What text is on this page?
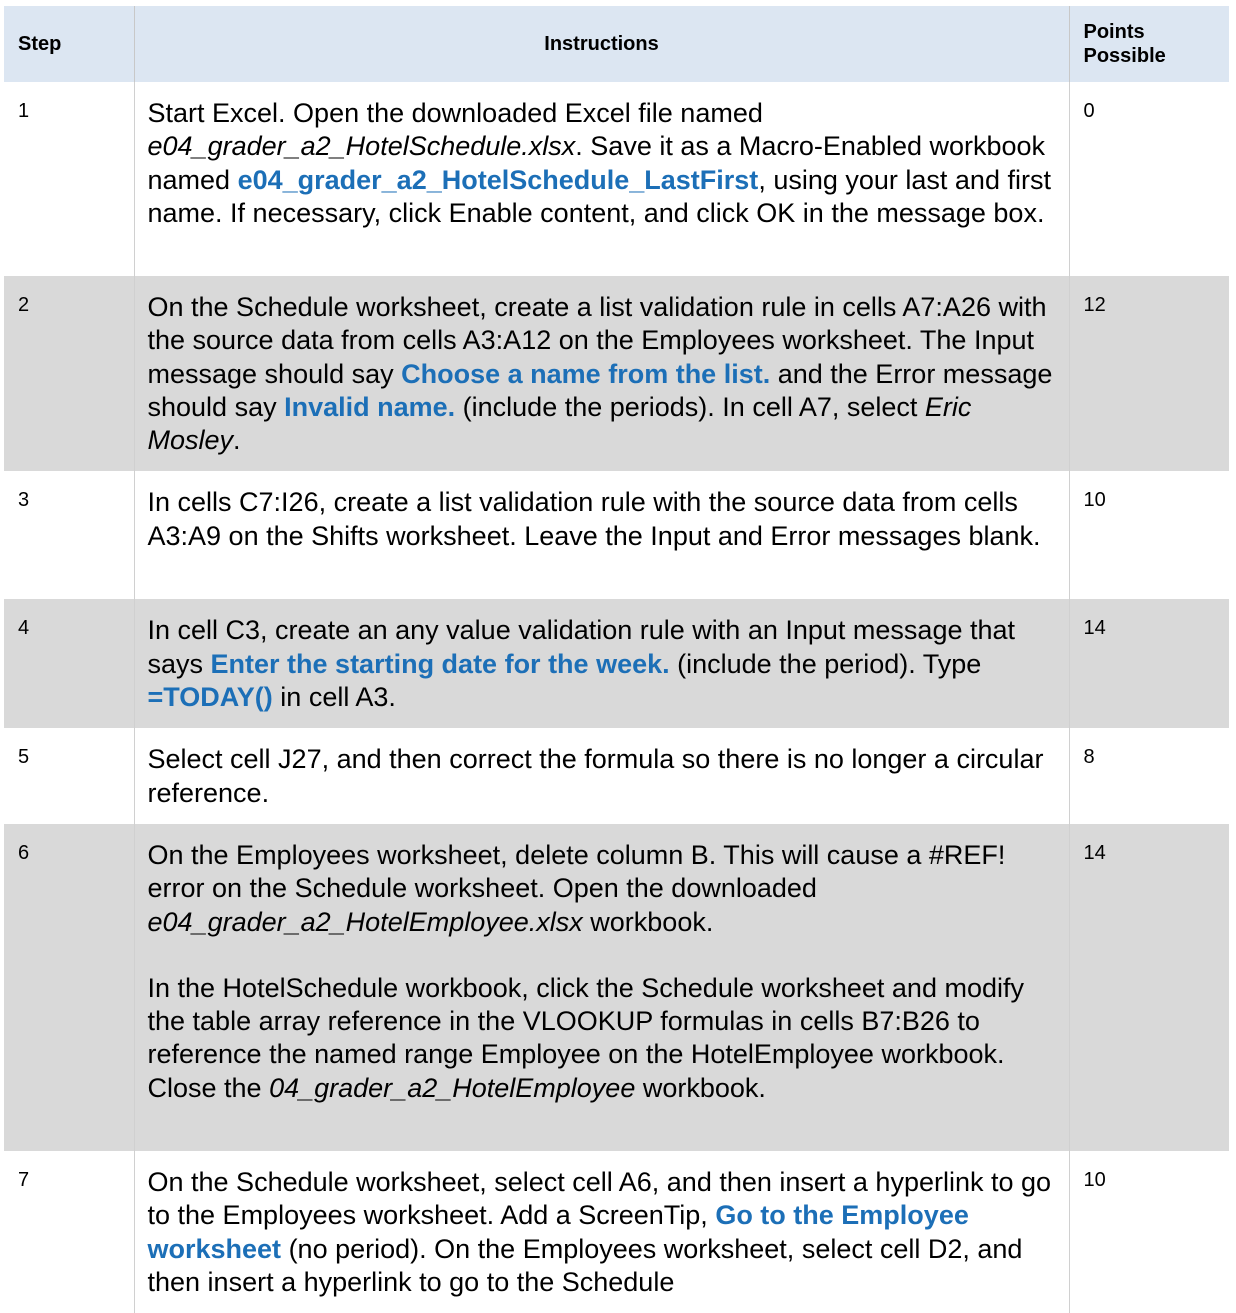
Step	Instructions	Points Possible
1	Start Excel. Open the downloaded Excel file named e04_grader_a2_HotelSchedule.xlsx. Save it as a Macro-Enabled workbook named e04_grader_a2_HotelSchedule_LastFirst, using your last and first name. If necessary, click Enable content, and click OK in the message box.	0
2	On the Schedule worksheet, create a list validation rule in cells A7:A26 with the source data from cells A3:A12 on the Employees worksheet. The Input message should say Choose a name from the list. and the Error message should say Invalid name. (include the periods). In cell A7, select Eric Mosley.	12
3	In cells C7:I26, create a list validation rule with the source data from cells A3:A9 on the Shifts worksheet. Leave the Input and Error messages blank.	10
4	In cell C3, create an any value validation rule with an Input message that says Enter the starting date for the week. (include the period). Type =TODAY() in cell A3.	14
5	Select cell J27, and then correct the formula so there is no longer a circular reference.	8
6	On the Employees worksheet, delete column B. This will cause a #REF! error on the Schedule worksheet. Open the downloaded e04_grader_a2_HotelEmployee.xlsx workbook.
In the HotelSchedule workbook, click the Schedule worksheet and modify the table array reference in the VLOOKUP formulas in cells B7:B26 to reference the named range Employee on the HotelEmployee workbook. Close the 04_grader_a2_HotelEmployee workbook.	14
7	On the Schedule worksheet, select cell A6, and then insert a hyperlink to go to the Employees worksheet. Add a ScreenTip, Go to the Employee worksheet (no period). On the Employees worksheet, select cell D2, and then insert a hyperlink to go to the Schedule	10
